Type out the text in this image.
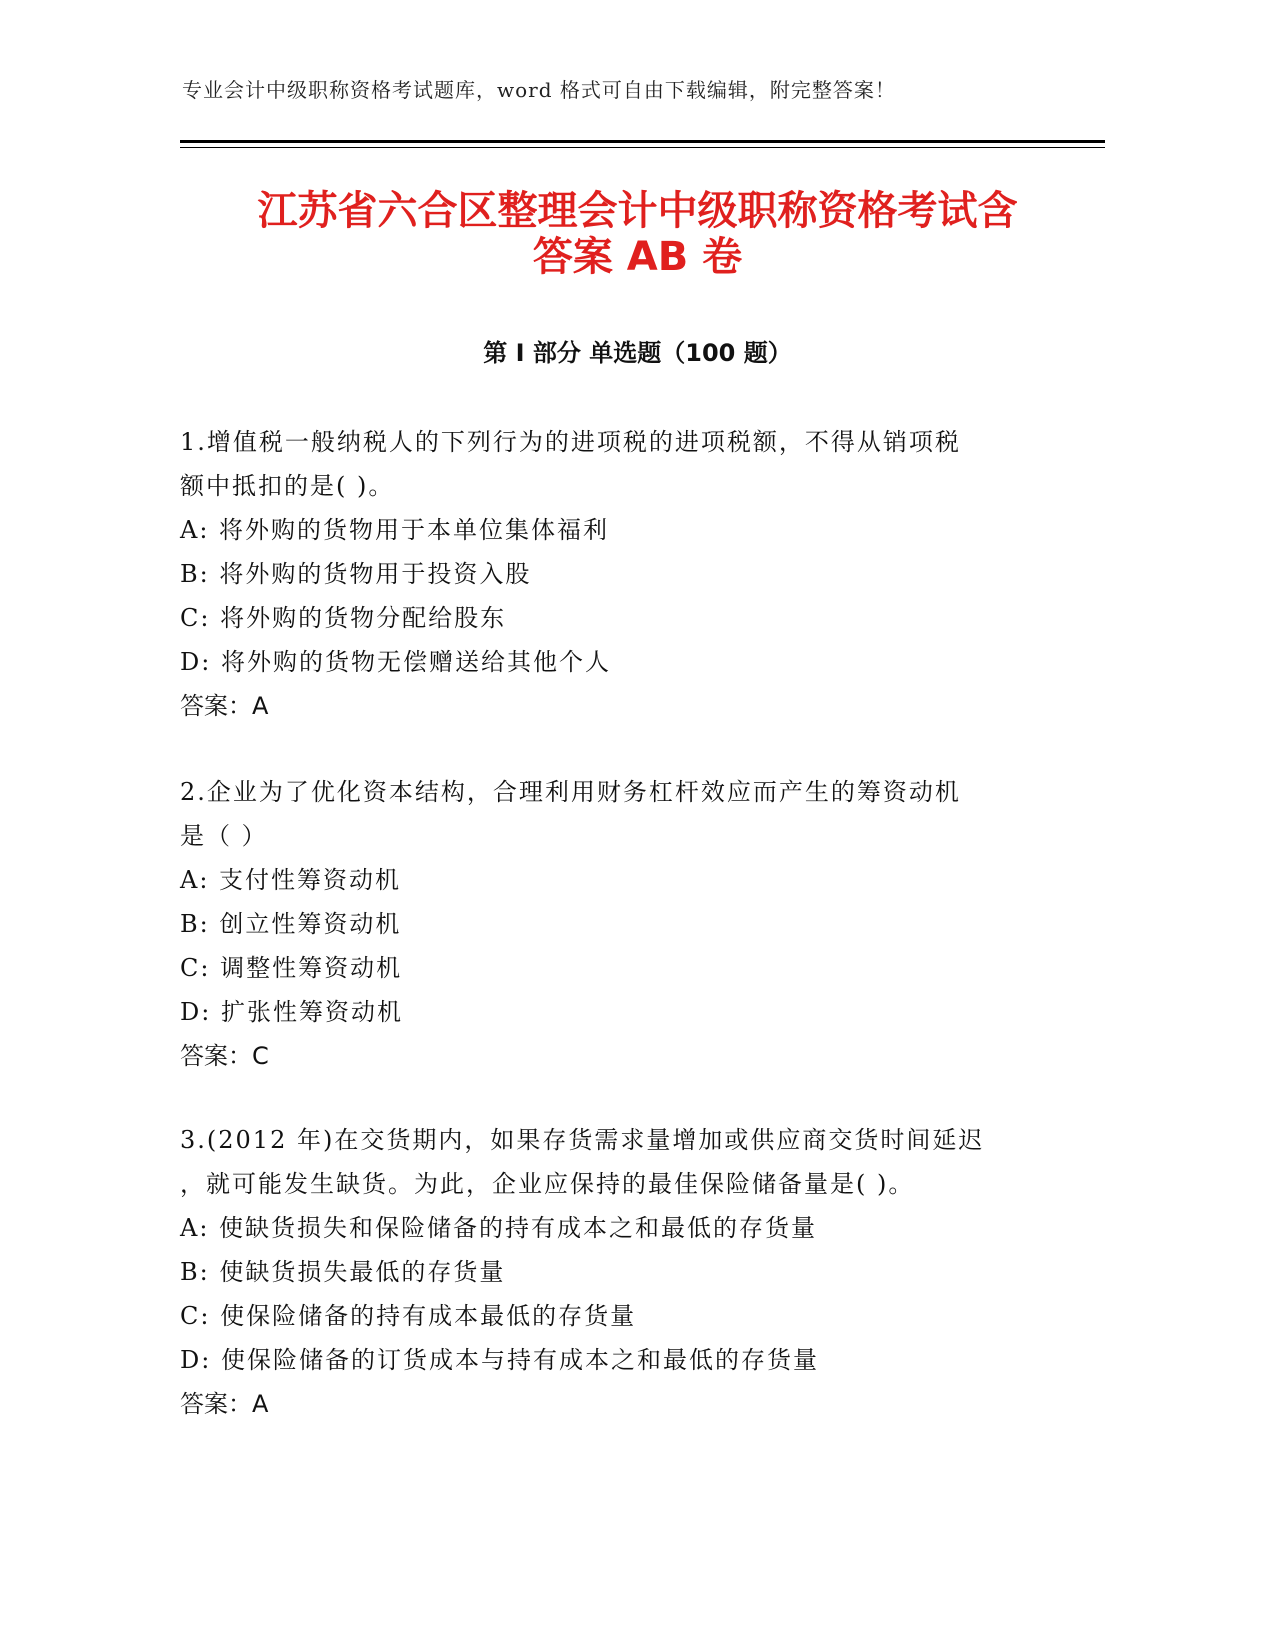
专业会计中级职称资格考试题库，word 格式可自由下载编辑，附完整答案！
江苏省六合区整理会计中级职称资格考试含
答案 AB 卷
第 I 部分 单选题（100 题）

1.增值税一般纳税人的下列行为的进项税的进项税额，不得从销项税

额中抵扣的是( )。

A: 将外购的货物用于本单位集体福利

B: 将外购的货物用于投资入股

C: 将外购的货物分配给股东

D: 将外购的货物无偿赠送给其他个人

答案：A

2.企业为了优化资本结构，合理利用财务杠杆效应而产生的筹资动机

是（ ）

A: 支付性筹资动机

B: 创立性筹资动机

C: 调整性筹资动机

D: 扩张性筹资动机

答案：C

3.(2012 年)在交货期内，如果存货需求量增加或供应商交货时间延迟

，就可能发生缺货。为此，企业应保持的最佳保险储备量是( )。

A: 使缺货损失和保险储备的持有成本之和最低的存货量

B: 使缺货损失最低的存货量

C: 使保险储备的持有成本最低的存货量

D: 使保险储备的订货成本与持有成本之和最低的存货量

答案：A
